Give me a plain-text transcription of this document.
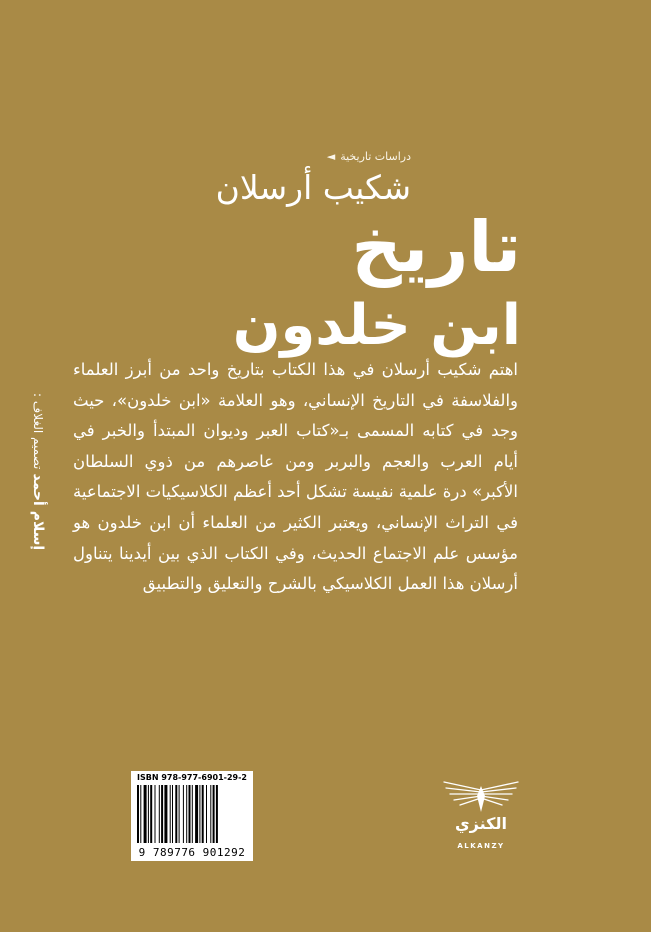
دراسات تاريخية
◄
شكيب أرسلان
تاريخ
ابن خلدون
اهتم شكيب أرسلان في هذا الكتاب بتاريخ واحد من أبرز العلماء والفلاسفة في التاريخ الإنساني، وهو العلامة «ابن خلدون»، حيث وجد في كتابه المسمى بـ«كتاب العبر وديوان المبتدأ والخبر في أيام العرب والعجم والبربر ومن عاصرهم من ذوي السلطان الأكبر» درة علمية نفيسة تشكل أحد أعظم الكلاسيكيات الاجتماعية في التراث الإنساني، ويعتبر الكثير من العلماء أن ابن خلدون هو مؤسس علم الاجتماع الحديث، وفي الكتاب الذي بين أيدينا يتناول أرسلان هذا العمل الكلاسيكي بالشرح والتعليق والتطبيق
إسلام أحمد تصميم الغلاف :
ISBN 978-977-6901-29-2
9 789776 901292
الكنزي
ALKANZY
